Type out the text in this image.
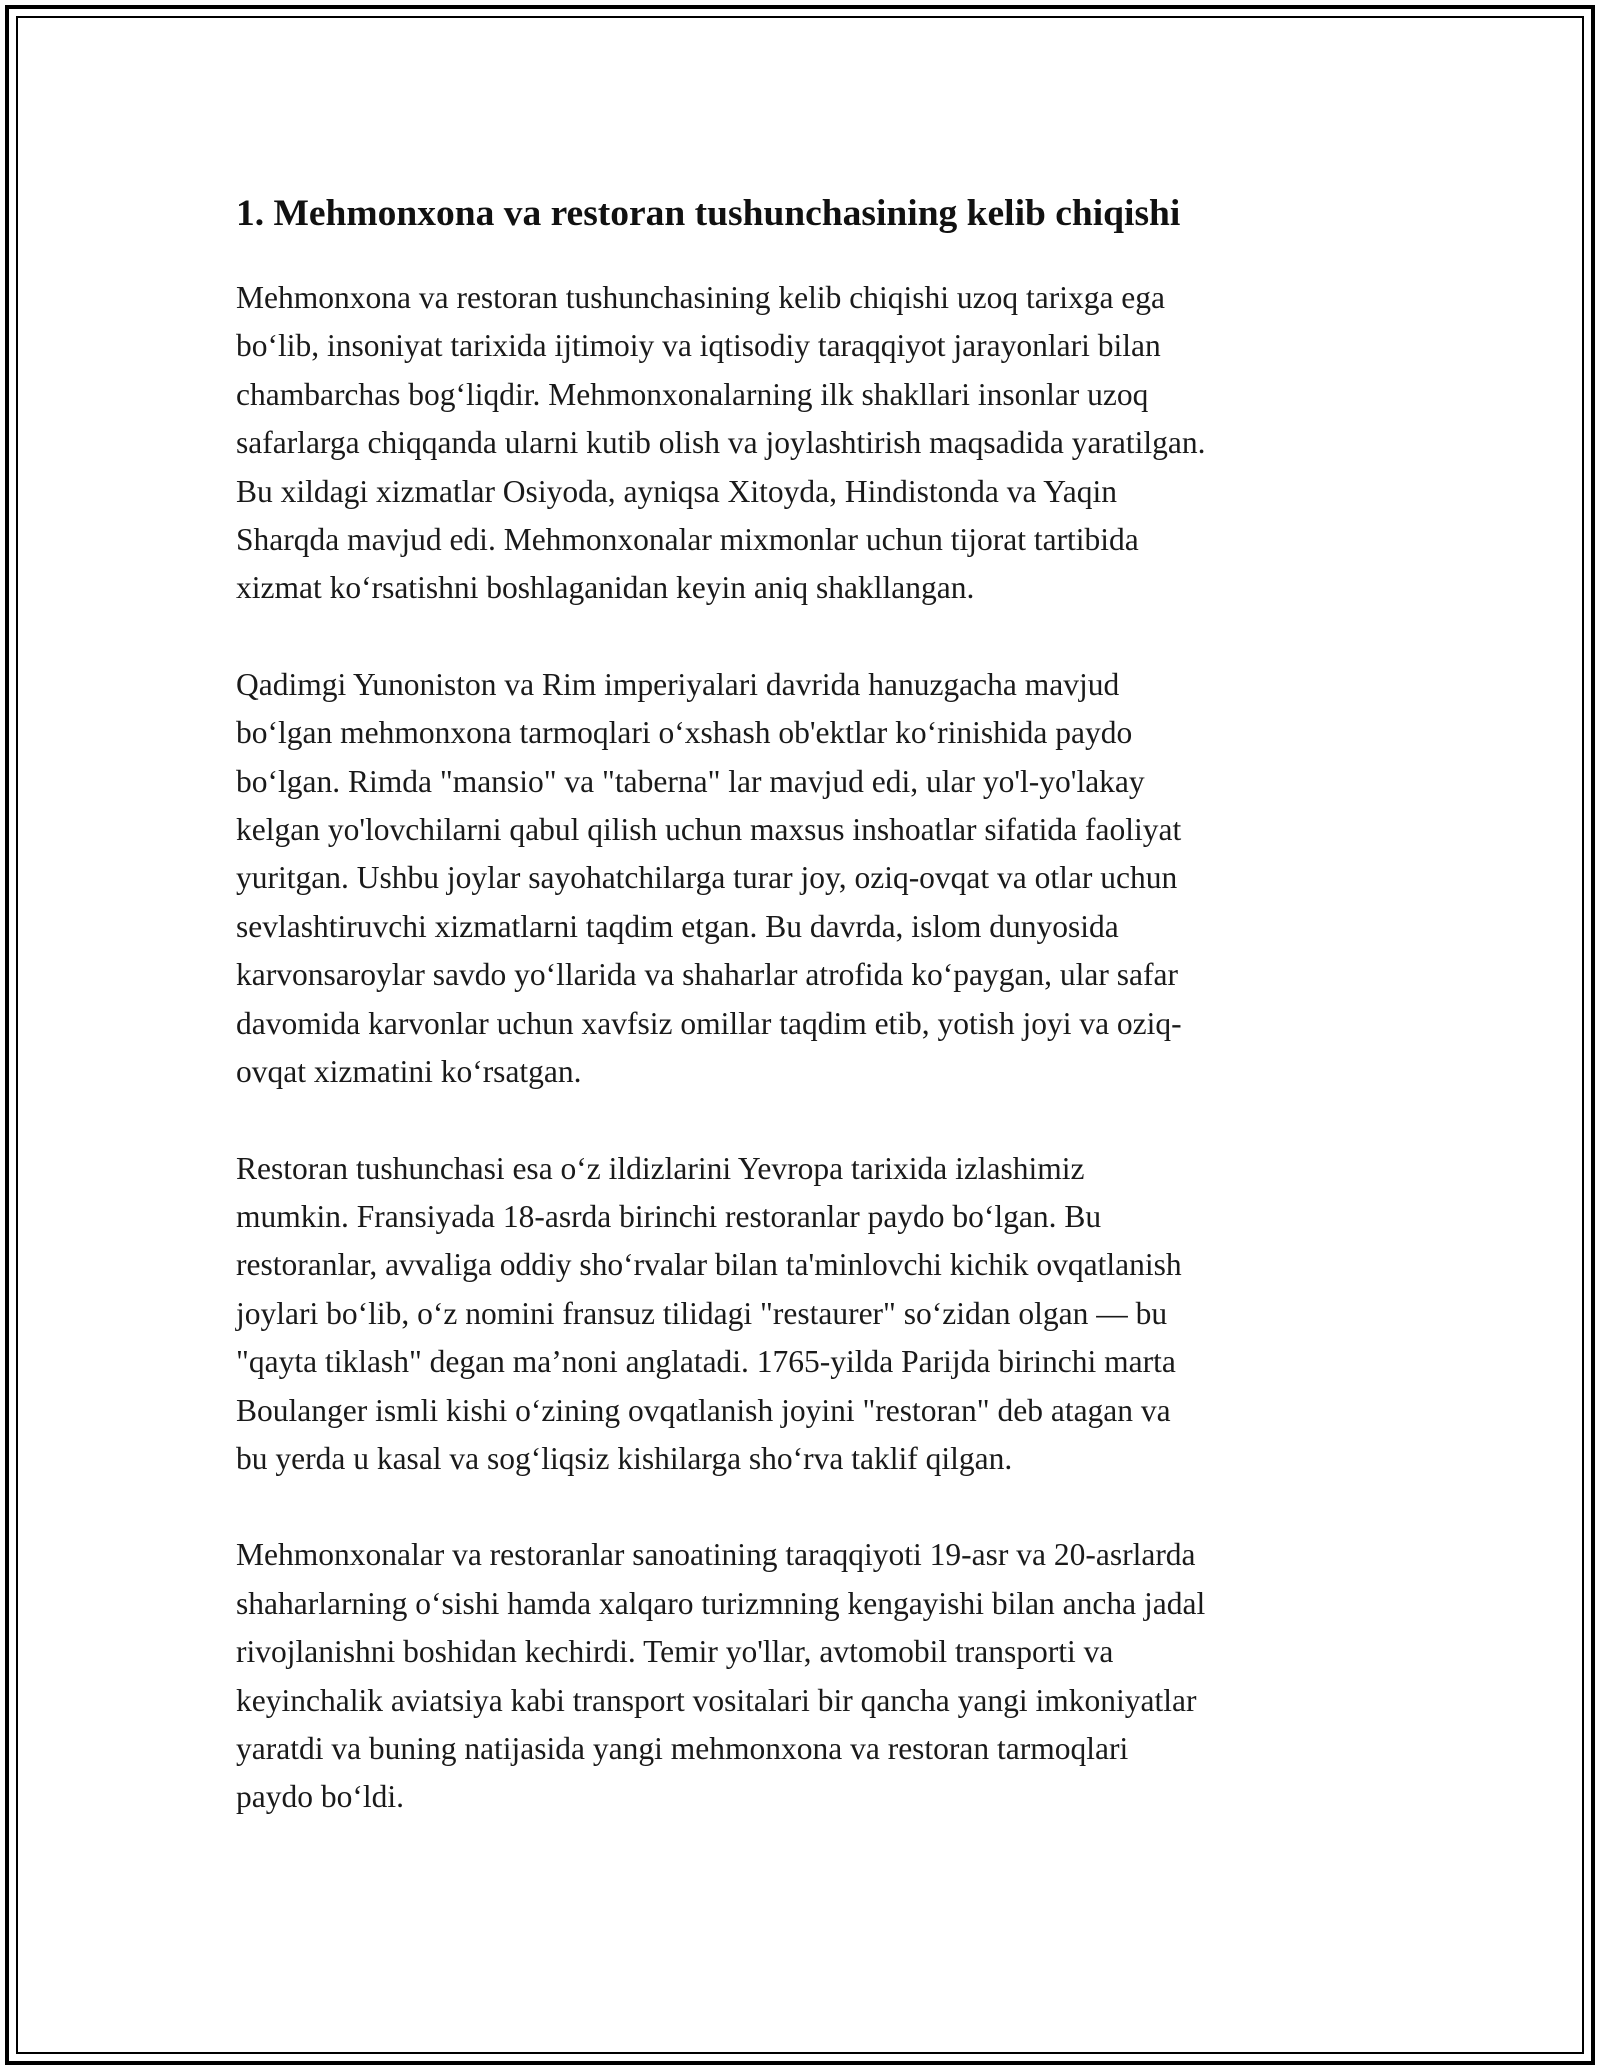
1. Mehmonxona va restoran tushunchasining kelib chiqishi

Mehmonxona va restoran tushunchasining kelib chiqishi uzoq tarixga ega
bo‘lib, insoniyat tarixida ijtimoiy va iqtisodiy taraqqiyot jarayonlari bilan
chambarchas bog‘liqdir. Mehmonxonalarning ilk shakllari insonlar uzoq
safarlarga chiqqanda ularni kutib olish va joylashtirish maqsadida yaratilgan.
Bu xildagi xizmatlar Osiyoda, ayniqsa Xitoyda, Hindistonda va Yaqin
Sharqda mavjud edi. Mehmonxonalar mixmonlar uchun tijorat tartibida
xizmat ko‘rsatishni boshlaganidan keyin aniq shakllangan.

Qadimgi Yunoniston va Rim imperiyalari davrida hanuzgacha mavjud
bo‘lgan mehmonxona tarmoqlari o‘xshash ob'ektlar ko‘rinishida paydo
bo‘lgan. Rimda "mansio" va "taberna" lar mavjud edi, ular yo'l-yo'lakay
kelgan yo'lovchilarni qabul qilish uchun maxsus inshoatlar sifatida faoliyat
yuritgan. Ushbu joylar sayohatchilarga turar joy, oziq-ovqat va otlar uchun
sevlashtiruvchi xizmatlarni taqdim etgan. Bu davrda, islom dunyosida
karvonsaroylar savdo yo‘llarida va shaharlar atrofida ko‘paygan, ular safar
davomida karvonlar uchun xavfsiz omillar taqdim etib, yotish joyi va oziq-
ovqat xizmatini ko‘rsatgan.

Restoran tushunchasi esa o‘z ildizlarini Yevropa tarixida izlashimiz
mumkin. Fransiyada 18-asrda birinchi restoranlar paydo bo‘lgan. Bu
restoranlar, avvaliga oddiy sho‘rvalar bilan ta'minlovchi kichik ovqatlanish
joylari bo‘lib, o‘z nomini fransuz tilidagi "restaurer" so‘zidan olgan — bu
"qayta tiklash" degan ma’noni anglatadi. 1765-yilda Parijda birinchi marta
Boulanger ismli kishi o‘zining ovqatlanish joyini "restoran" deb atagan va
bu yerda u kasal va sog‘liqsiz kishilarga sho‘rva taklif qilgan.

Mehmonxonalar va restoranlar sanoatining taraqqiyoti 19-asr va 20-asrlarda
shaharlarning o‘sishi hamda xalqaro turizmning kengayishi bilan ancha jadal
rivojlanishni boshidan kechirdi. Temir yo'llar, avtomobil transporti va
keyinchalik aviatsiya kabi transport vositalari bir qancha yangi imkoniyatlar
yaratdi va buning natijasida yangi mehmonxona va restoran tarmoqlari
paydo bo‘ldi.
